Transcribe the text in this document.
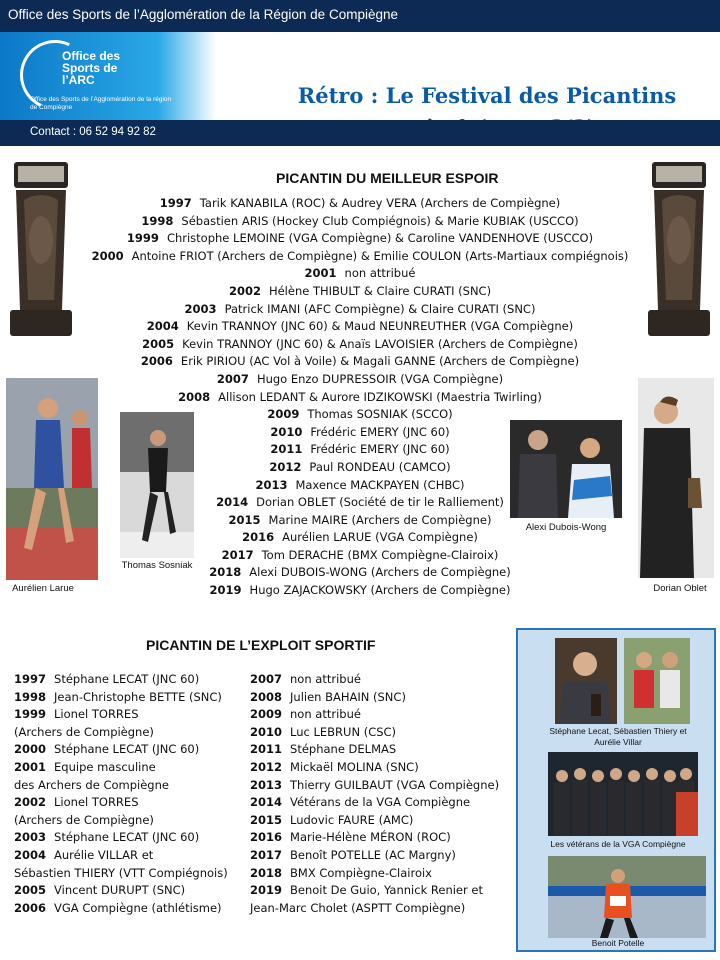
Office des Sports de l’Agglomération de la Région de Compiègne
Office des Sports de l’ARC
Office des Sports de l’Agglomération de la région de Compiègne	Rétro : Le Festival des Picantins
Contact : 06 52 94 92 82
PICANTIN DU MEILLEUR ESPOIR
1997 Tarik KANABILA (ROC) & Audrey VERA (Archers de Compiègne)
1998 Sébastien ARIS (Hockey Club Compiégnois) & Marie KUBIAK (USCCO)
1999 Christophe LEMOINE (VGA Compiègne) & Caroline VANDENHOVE (USCCO)
2000 Antoine FRIOT (Archers de Compiègne) & Emilie COULON (Arts-Martiaux compiégnois)
2001 non attribué
2002 Hélène THIBULT & Claire CURATI (SNC)
2003 Patrick IMANI (AFC Compiègne) & Claire CURATI (SNC)
2004 Kevin TRANNOY (JNC 60) & Maud NEUNREUTHER (VGA Compiègne)
2005 Kevin TRANNOY (JNC 60) & Anaïs LAVOISIER (Archers de Compiègne)
2006 Erik PIRIOU (AC Vol à Voile) & Magali GANNE (Archers de Compiègne)
2007 Hugo Enzo DUPRESSOIR (VGA Compiègne)
2008 Allison LEDANT & Aurore IDZIKOWSKI (Maestria Twirling)
2009 Thomas SOSNIAK (SCCO)
2010 Frédéric EMERY (JNC 60)
2011 Frédéric EMERY (JNC 60)
2012 Paul RONDEAU (CAMCO)
2013 Maxence MACKPAYEN (CHBC)
2014 Dorian OBLET (Société de tir le Ralliement)
2015 Marine MAIRE (Archers de Compiègne)
2016 Aurélien LARUE (VGA Compiègne)
2017 Tom DERACHE (BMX Compiègne-Clairoix)
2018 Alexi DUBOIS-WONG (Archers de Compiègne)
2019 Hugo ZAJACKOWSKY (Archers de Compiègne)
Aurélien Larue
Thomas Sosniak
Alexi Dubois-Wong
Dorian Oblet
PICANTIN DE L’EXPLOIT SPORTIF
1997 Stéphane LECAT (JNC 60)
1998 Jean-Christophe BETTE (SNC)
1999 Lionel TORRES
(Archers de Compiègne)
2000 Stéphane LECAT (JNC 60)
2001 Equipe masculine
des Archers de Compiègne
2002 Lionel TORRES
(Archers de Compiègne)
2003 Stéphane LECAT (JNC 60)
2004 Aurélie VILLAR et
Sébastien THIERY (VTT Compiégnois)
2005 Vincent DURUPT (SNC)
2006 VGA Compiègne (athlétisme)
2007 non attribué
2008 Julien BAHAIN (SNC)
2009 non attribué
2010 Luc LEBRUN (CSC)
2011 Stéphane DELMAS
2012 Mickaël MOLINA (SNC)
2013 Thierry GUILBAUT (VGA Compiègne)
2014 Vétérans de la VGA Compiègne
2015 Ludovic FAURE (AMC)
2016 Marie-Hélène MÉRON (ROC)
2017 Benoît POTELLE (AC Margny)
2018 BMX Compiègne-Clairoix
2019 Benoit De Guio, Yannick Renier et
Jean-Marc Cholet (ASPTT Compiègne)
Stéphane Lecat, Sébastien Thiery et Aurélie Villar
Les vétérans de la VGA Compiègne
Benoit Potelle
